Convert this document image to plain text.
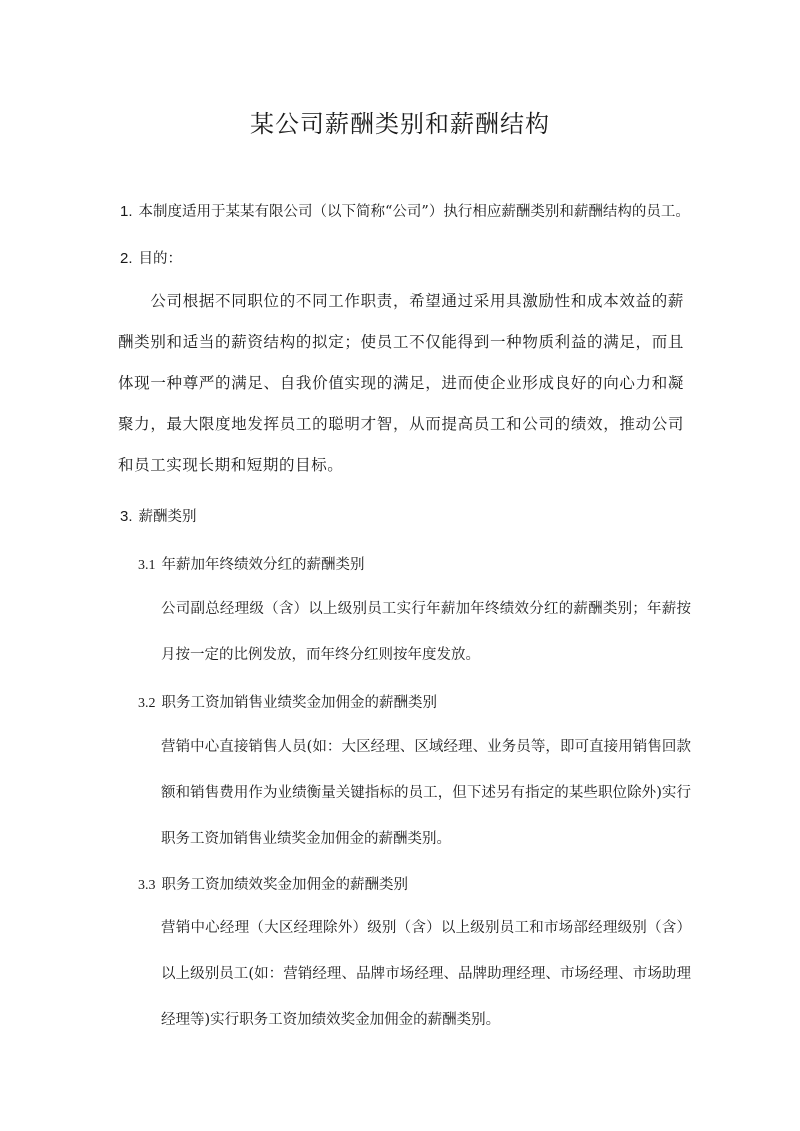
某公司薪酬类别和薪酬结构

1. 本制度适用于某某有限公司（以下简称“公司”）执行相应薪酬类别和薪酬结构的员工。

2. 目的：

　　公司根据不同职位的不同工作职责，希望通过采用具激励性和成本效益的薪酬类别和适当的薪资结构的拟定；使员工不仅能得到一种物质利益的满足，而且体现一种尊严的满足、自我价值实现的满足，进而使企业形成良好的向心力和凝聚力，最大限度地发挥员工的聪明才智，从而提高员工和公司的绩效，推动公司和员工实现长期和短期的目标。

3. 薪酬类别

3.1 年薪加年终绩效分红的薪酬类别

公司副总经理级（含）以上级别员工实行年薪加年终绩效分红的薪酬类别；年薪按月按一定的比例发放，而年终分红则按年度发放。

3.2 职务工资加销售业绩奖金加佣金的薪酬类别

营销中心直接销售人员(如：大区经理、区域经理、业务员等，即可直接用销售回款额和销售费用作为业绩衡量关键指标的员工，但下述另有指定的某些职位除外)实行职务工资加销售业绩奖金加佣金的薪酬类别。

3.3 职务工资加绩效奖金加佣金的薪酬类别

营销中心经理（大区经理除外）级别（含）以上级别员工和市场部经理级别（含）以上级别员工(如：营销经理、品牌市场经理、品牌助理经理、市场经理、市场助理经理等)实行职务工资加绩效奖金加佣金的薪酬类别。
